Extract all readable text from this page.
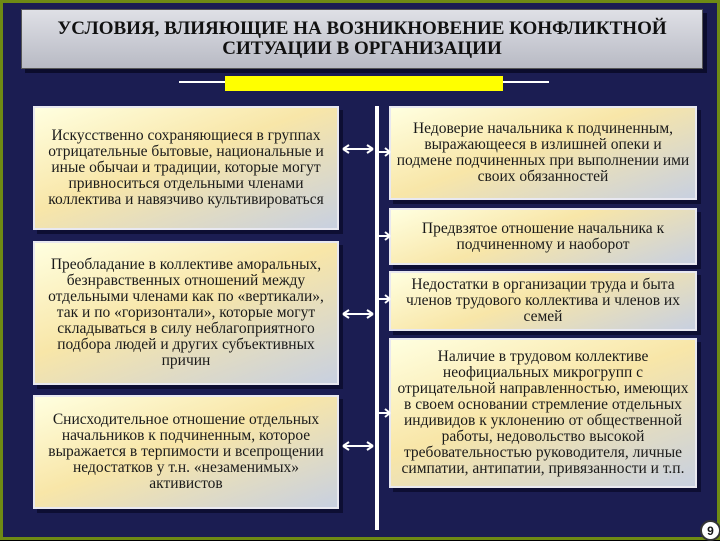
УСЛОВИЯ, ВЛИЯЮЩИЕ НА ВОЗНИКНОВЕНИЕ КОНФЛИКТНОЙ СИТУАЦИИ В ОРГАНИЗАЦИИ
Искусственно сохраняющиеся в группах отрицательные бытовые, национальные и иные обычаи и традиции, которые могут привноситься отдельными членами коллектива и навязчиво культивироваться
Преобладание в коллективе аморальных, безнравственных отношений между отдельными членами как по «вертикали», так и по «горизонтали», которые могут складываться в силу неблагоприятного подбора людей и других субъективных причин
Снисходительное отношение отдельных начальников к подчиненным, которое выражается в терпимости и всепрощении недостатков у т.н. «незаменимых» активистов
Недоверие начальника к подчиненным, выражающееся в излишней опеки и подмене подчиненных при выполнении ими своих обязанностей
Предвзятое отношение начальника к подчиненному и наоборот
Недостатки в организации труда и быта членов трудового коллектива и членов их семей
Наличие в трудовом коллективе неофициальных микрогрупп с отрицательной направленностью, имеющих в своем основании стремление отдельных индивидов к уклонению от общественной работы, недовольство высокой требовательностью руководителя, личные симпатии, антипатии, привязанности и т.п.
9
